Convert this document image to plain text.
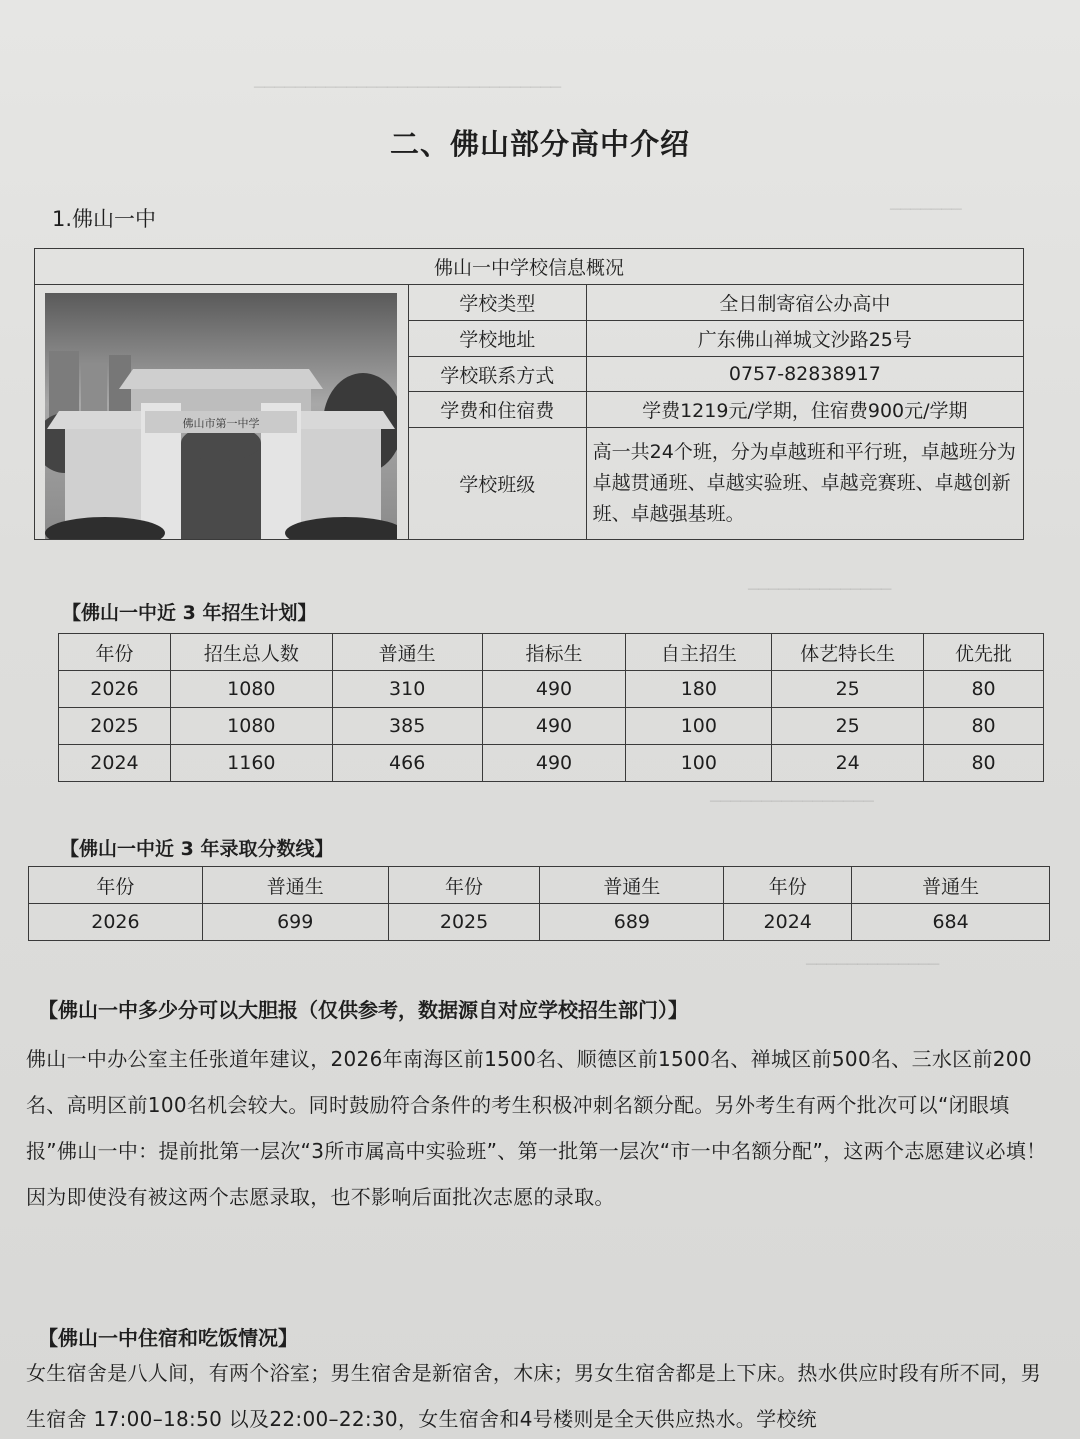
──────────────────────────────
───────
──────────────
────────────────
─────────────
二、佛山部分高中介绍
1.佛山一中
佛山一中学校信息概况		

佛山市第一中学	学校类型	全日制寄宿公办高中
	学校地址	广东佛山禅城文沙路25号
	学校联系方式	0757-82838917
	学费和住宿费	学费1219元/学期，住宿费900元/学期
	学校班级	高一共24个班，分为卓越班和平行班，卓越班分为卓越贯通班、卓越实验班、卓越竞赛班、卓越创新班、卓越强基班。
【佛山一中近 3 年招生计划】
年份	招生总人数	普通生	指标生	自主招生	体艺特长生	优先批
2026	1080	310	490	180	25	80
2025	1080	385	490	100	25	80
2024	1160	466	490	100	24	80
【佛山一中近 3 年录取分数线】
年份	普通生	年份	普通生	年份	普通生
2026	699	2025	689	2024	684
【佛山一中多少分可以大胆报（仅供参考，数据源自对应学校招生部门）】
佛山一中办公室主任张道年建议，2026年南海区前1500名、顺德区前1500名、禅城区前500名、三水区前200名、高明区前100名机会较大。同时鼓励符合条件的考生积极冲刺名额分配。另外考生有两个批次可以“闭眼填报”佛山一中：提前批第一层次“3所市属高中实验班”、第一批第一层次“市一中名额分配”，这两个志愿建议必填！ 因为即使没有被这两个志愿录取，也不影响后面批次志愿的录取。
【佛山一中住宿和吃饭情况】
女生宿舍是八人间，有两个浴室；男生宿舍是新宿舍，木床；男女生宿舍都是上下床。热水供应时段有所不同，男生宿舍 17:00–18:50 以及22:00–22:30，女生宿舍和4号楼则是全天供应热水。学校统
